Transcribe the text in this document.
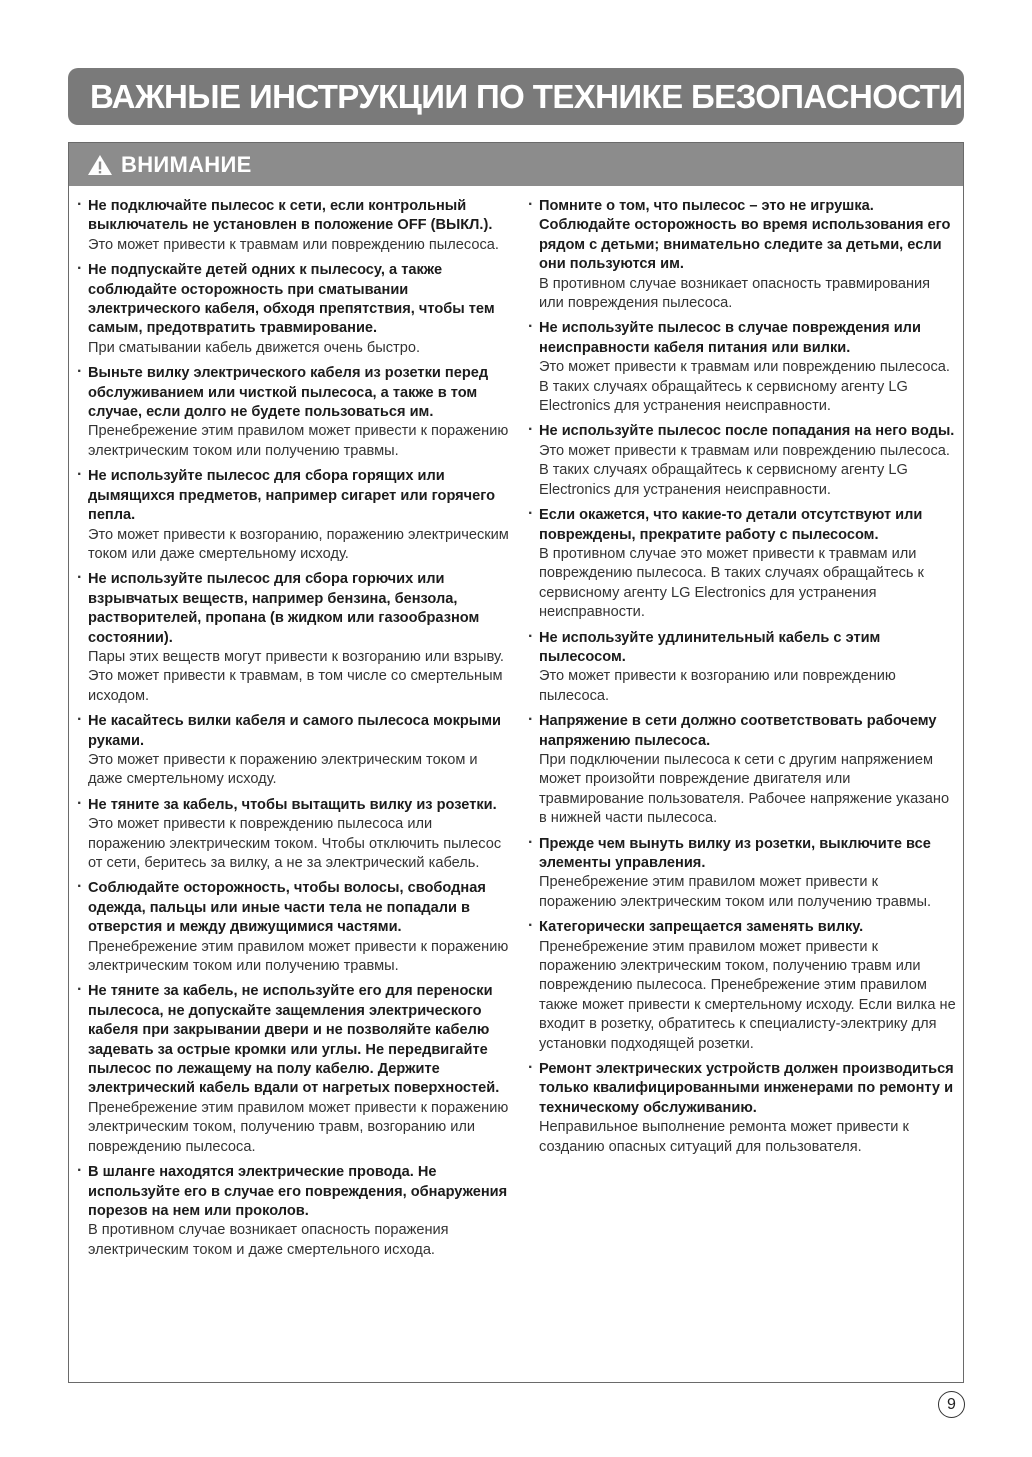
ВАЖНЫЕ ИНСТРУКЦИИ ПО ТЕХНИКЕ БЕЗОПАСНОСТИ
ВНИМАНИЕ
· Не подключайте пылесос к сети, если контрольный выключатель не установлен в положение OFF (ВЫКЛ.).
Это может привести к травмам или повреждению пылесоса.
· Не подпускайте детей одних к пылесосу, а также соблюдайте осторожность при сматывании электрического кабеля, обходя препятствия, чтобы тем самым, предотвратить травмирование.
При сматывании кабель движется очень быстро.
· Выньте вилку электрического кабеля из розетки перед обслуживанием или чисткой пылесоса, а также в том случае, если долго не будете пользоваться им.
Пренебрежение этим правилом может привести к поражению электрическим током или получению травмы.
· Не используйте пылесос для сбора горящих или дымящихся предметов, например сигарет или горячего пепла.
Это может привести к возгоранию, поражению электрическим током или даже смертельному исходу.
· Не используйте пылесос для сбора горючих или взрывчатых веществ, например бензина, бензола, растворителей, пропана (в жидком или газообразном состоянии).
Пары этих веществ могут привести к возгоранию или взрыву. Это может привести к травмам, в том числе со смертельным исходом.
· Не касайтесь вилки кабеля и самого пылесоса мокрыми руками.
Это может привести к поражению электрическим током и даже смертельному исходу.
· Не тяните за кабель, чтобы вытащить вилку из розетки.
Это может привести к повреждению пылесоса или поражению электрическим током. Чтобы отключить пылесос от сети, беритесь за вилку, а не за электрический кабель.
· Соблюдайте осторожность, чтобы волосы, свободная одежда, пальцы или иные части тела не попадали в отверстия и между движущимися частями.
Пренебрежение этим правилом может привести к поражению электрическим током или получению травмы.
· Не тяните за кабель, не используйте его для переноски пылесоса, не допускайте защемления электрического кабеля при закрывании двери и не позволяйте кабелю задевать за острые кромки или углы. Не передвигайте пылесос по лежащему на полу кабелю. Держите электрический кабель вдали от нагретых поверхностей.
Пренебрежение этим правилом может привести к поражению электрическим током, получению травм, возгоранию или повреждению пылесоса.
· В шланге находятся электрические провода. Не используйте его в случае его повреждения, обнаружения порезов на нем или проколов.
В противном случае возникает опасность поражения электрическим током и даже смертельного исхода.
· Помните о том, что пылесос – это не игрушка. Соблюдайте осторожность во время использования его рядом с детьми; внимательно следите за детьми, если они пользуются им.
В противном случае возникает опасность травмирования или повреждения пылесоса.
· Не используйте пылесос в случае повреждения или неисправности кабеля питания или вилки.
Это может привести к травмам или повреждению пылесоса. В таких случаях обращайтесь к сервисному агенту LG Electronics для устранения неисправности.
· Не используйте пылесос после попадания на него воды.
Это может привести к травмам или повреждению пылесоса. В таких случаях обращайтесь к сервисному агенту LG Electronics для устранения неисправности.
· Если окажется, что какие-то детали отсутствуют или повреждены, прекратите работу с пылесосом.
В противном случае это может привести к травмам или повреждению пылесоса. В таких случаях обращайтесь к сервисному агенту LG Electronics для устранения неисправности.
· Не используйте удлинительный кабель с этим пылесосом.
Это может привести к возгоранию или повреждению пылесоса.
· Напряжение в сети должно соответствовать рабочему напряжению пылесоса.
При подключении пылесоса к сети с другим напряжением может произойти повреждение двигателя или травмирование пользователя. Рабочее напряжение указано в нижней части пылесоса.
· Прежде чем вынуть вилку из розетки, выключите все элементы управления.
Пренебрежение этим правилом может привести к поражению электрическим током или получению травмы.
· Категорически запрещается заменять вилку.
Пренебрежение этим правилом может привести к поражению электрическим током, получению травм или повреждению пылесоса. Пренебрежение этим правилом также может привести к смертельному исходу. Если вилка не входит в розетку, обратитесь к специалисту-электрику для установки подходящей розетки.
· Ремонт электрических устройств должен производиться только квалифицированными инженерами по ремонту и техническому обслуживанию.
Неправильное выполнение ремонта может привести к созданию опасных ситуаций для пользователя.
9
